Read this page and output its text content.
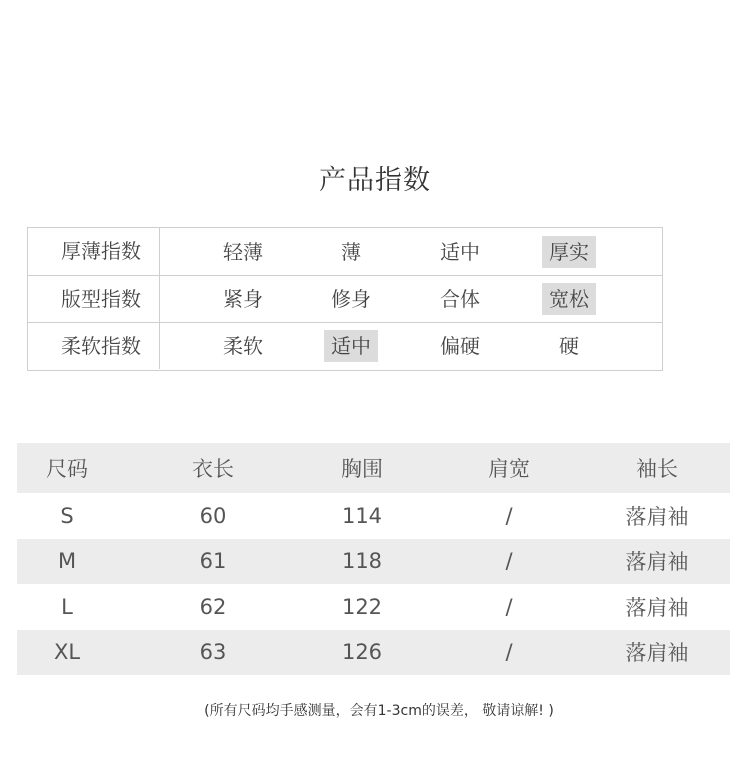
产品指数
厚薄指数	轻薄	薄	适中	厚实
版型指数	紧身	修身	合体	宽松
柔软指数	柔软	适中	偏硬	硬
尺码	衣长	胸围	肩宽	袖长
S	60	114	/	落肩袖
M	61	118	/	落肩袖
L	62	122	/	落肩袖
XL	63	126	/	落肩袖
(所有尺码均手感测量，会有1-3cm的误差， 敬请谅解! )
